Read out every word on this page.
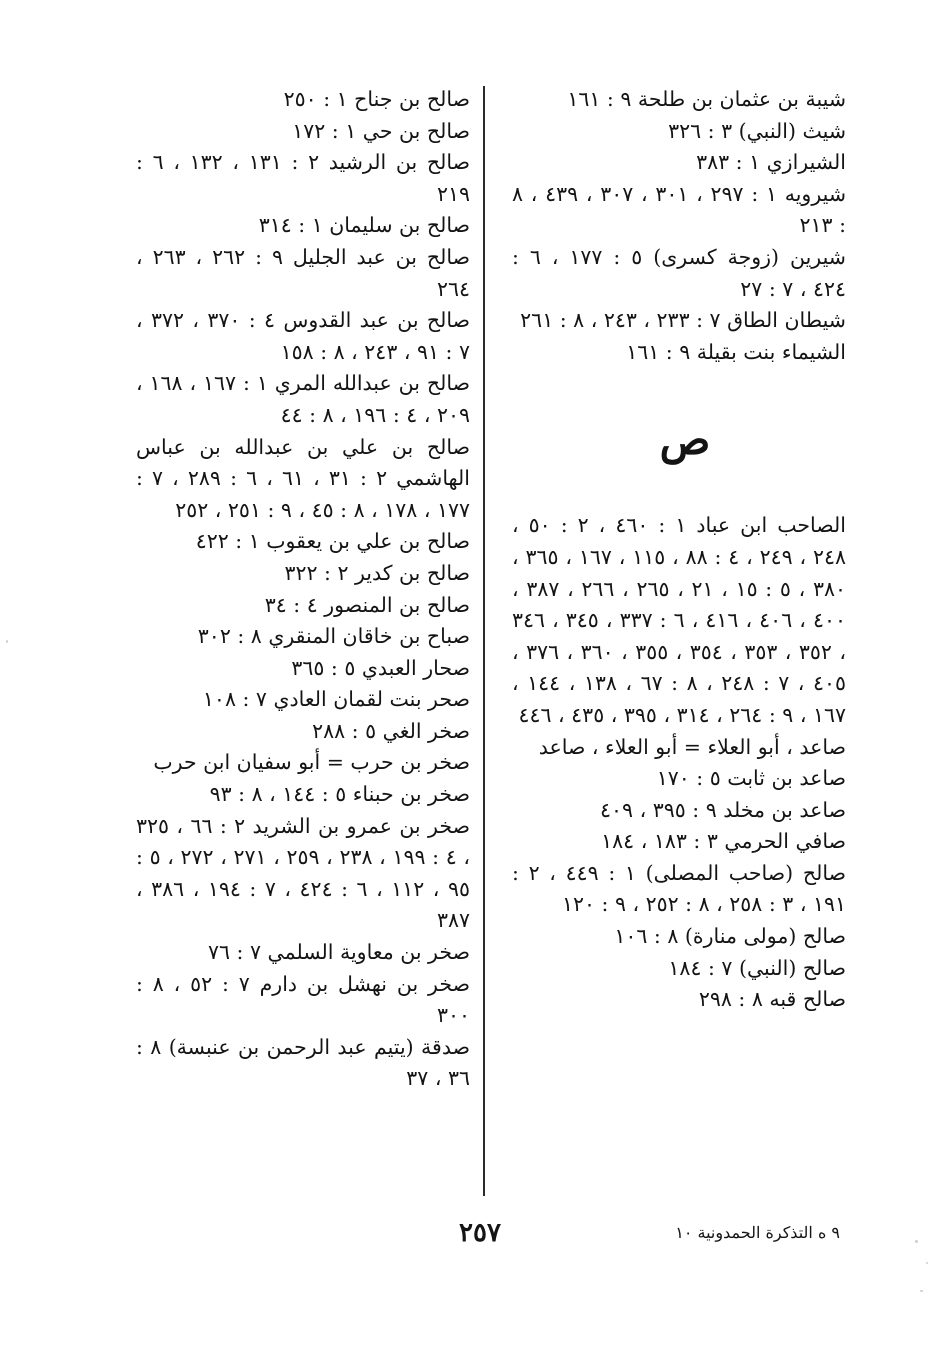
شيبة بن عثمان بن طلحة ٩ : ١٦١

شيث (النبي) ٣ : ٣٢٦

الشيرازي ١ : ٣٨٣

شيرويه ١ : ٢٩٧ ، ٣٠١ ، ٣٠٧ ، ٤٣٩ ، ٨ : ٢١٣

شيرين (زوجة كسرى) ٥ : ١٧٧ ، ٦ : ٤٢٤ ، ٧ : ٢٧

شيطان الطاق ٧ : ٢٣٣ ، ٢٤٣ ، ٨ : ٢٦١

الشيماء بنت بقيلة ٩ : ١٦١

ص

الصاحب ابن عباد ١ : ٤٦٠ ، ٢ : ٥٠ ، ٢٤٨ ، ٢٤٩ ، ٤ : ٨٨ ، ١١٥ ، ١٦٧ ، ٣٦٥ ، ٣٨٠ ، ٥ : ١٥ ، ٢١ ، ٢٦٥ ، ٢٦٦ ، ٣٨٧ ، ٤٠٠ ، ٤٠٦ ، ٤١٦ ، ٦ : ٣٣٧ ، ٣٤٥ ، ٣٤٦ ، ٣٥٢ ، ٣٥٣ ، ٣٥٤ ، ٣٥٥ ، ٣٦٠ ، ٣٧٦ ، ٤٠٥ ، ٧ : ٢٤٨ ، ٨ : ٦٧ ، ١٣٨ ، ١٤٤ ، ١٦٧ ، ٩ : ٢٦٤ ، ٣١٤ ، ٣٩٥ ، ٤٣٥ ، ٤٤٦

صاعد ، أبو العلاء = أبو العلاء ، صاعد

صاعد بن ثابت ٥ : ١٧٠

صاعد بن مخلد ٩ : ٣٩٥ ، ٤٠٩

صافي الحرمي ٣ : ١٨٣ ، ١٨٤

صالح (صاحب المصلى) ١ : ٤٤٩ ، ٢ : ١٩١ ، ٣ : ٢٥٨ ، ٨ : ٢٥٢ ، ٩ : ١٢٠

صالح (مولى منارة) ٨ : ١٠٦

صالح (النبي) ٧ : ١٨٤

صالح قبه ٨ : ٢٩٨

صالح بن جناح ١ : ٢٥٠

صالح بن حي ١ : ١٧٢

صالح بن الرشيد ٢ : ١٣١ ، ١٣٢ ، ٦ : ٢١٩

صالح بن سليمان ١ : ٣١٤

صالح بن عبد الجليل ٩ : ٢٦٢ ، ٢٦٣ ، ٢٦٤

صالح بن عبد القدوس ٤ : ٣٧٠ ، ٣٧٢ ، ٧ : ٩١ ، ٢٤٣ ، ٨ : ١٥٨

صالح بن عبدالله المري ١ : ١٦٧ ، ١٦٨ ، ٢٠٩ ، ٤ : ١٩٦ ، ٨ : ٤٤

صالح بن علي بن عبدالله بن عباس الهاشمي ٢ : ٣١ ، ٦١ ، ٦ : ٢٨٩ ، ٧ : ١٧٧ ، ١٧٨ ، ٨ : ٤٥ ، ٩ : ٢٥١ ، ٢٥٢

صالح بن علي بن يعقوب ١ : ٤٢٢

صالح بن كدير ٢ : ٣٢٢

صالح بن المنصور ٤ : ٣٤

صباح بن خاقان المنقري ٨ : ٣٠٢

صحار العبدي ٥ : ٣٦٥

صحر بنت لقمان العادي ٧ : ١٠٨

صخر الغي ٥ : ٢٨٨

صخر بن حرب = أبو سفيان ابن حرب

صخر بن حبناء ٥ : ١٤٤ ، ٨ : ٩٣

صخر بن عمرو بن الشريد ٢ : ٦٦ ، ٣٢٥ ، ٤ : ١٩٩ ، ٢٣٨ ، ٢٥٩ ، ٢٧١ ، ٢٧٢ ، ٥ : ٩٥ ، ١١٢ ، ٦ : ٤٢٤ ، ٧ : ١٩٤ ، ٣٨٦ ، ٣٨٧

صخر بن معاوية السلمي ٧ : ٧٦

صخر بن نهشل بن دارم ٧ : ٥٢ ، ٨ : ٣٠٠

صدقة (يتيم عبد الرحمن بن عنبسة) ٨ : ٣٦ ، ٣٧

٢٥٧	٩ ه التذكرة الحمدونية ١٠
